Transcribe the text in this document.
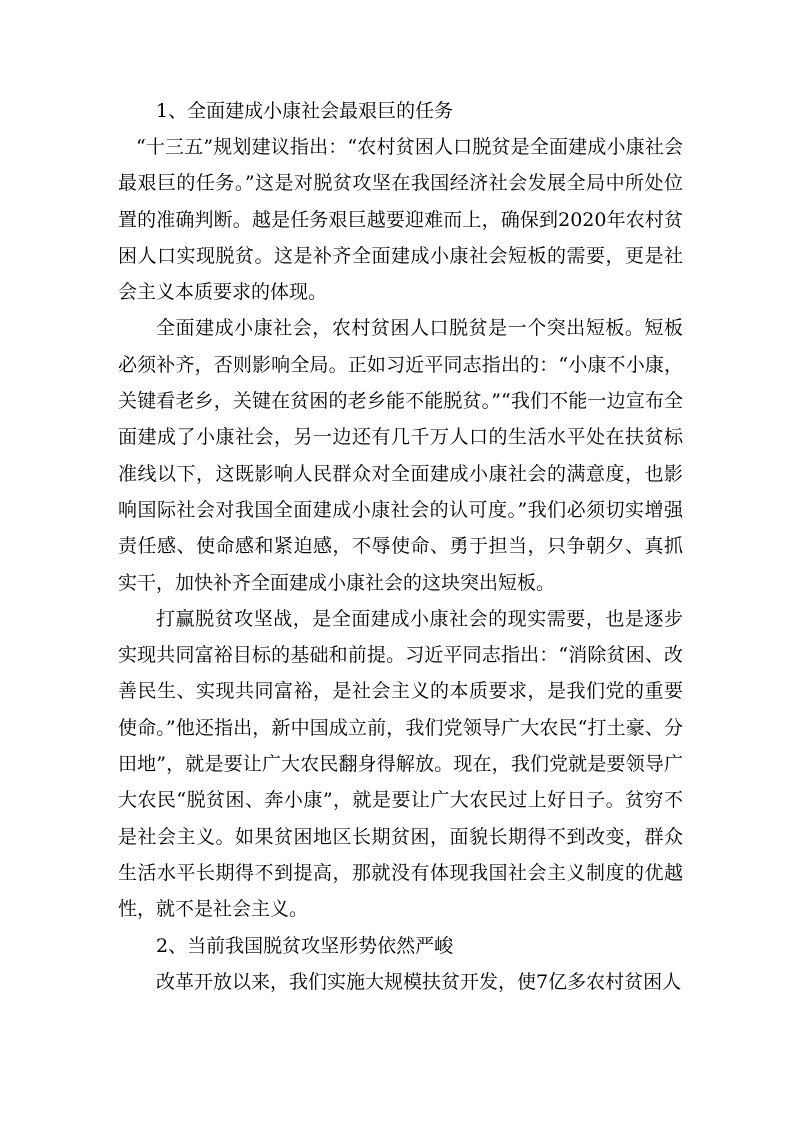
1、全面建成小康社会最艰巨的任务

“十三五”规划建议指出：“农村贫困人口脱贫是全面建成小康社会最艰巨的任务。”这是对脱贫攻坚在我国经济社会发展全局中所处位置的准确判断。越是任务艰巨越要迎难而上，确保到2020年农村贫困人口实现脱贫。这是补齐全面建成小康社会短板的需要，更是社会主义本质要求的体现。

全面建成小康社会，农村贫困人口脱贫是一个突出短板。短板必须补齐，否则影响全局。正如习近平同志指出的：“小康不小康，关键看老乡，关键在贫困的老乡能不能脱贫。”“我们不能一边宣布全面建成了小康社会，另一边还有几千万人口的生活水平处在扶贫标准线以下，这既影响人民群众对全面建成小康社会的满意度，也影响国际社会对我国全面建成小康社会的认可度。”我们必须切实增强责任感、使命感和紧迫感，不辱使命、勇于担当，只争朝夕、真抓实干，加快补齐全面建成小康社会的这块突出短板。

打赢脱贫攻坚战，是全面建成小康社会的现实需要，也是逐步实现共同富裕目标的基础和前提。习近平同志指出：“消除贫困、改善民生、实现共同富裕，是社会主义的本质要求，是我们党的重要使命。”他还指出，新中国成立前，我们党领导广大农民“打土豪、分田地”，就是要让广大农民翻身得解放。现在，我们党就是要领导广大农民“脱贫困、奔小康”，就是要让广大农民过上好日子。贫穷不是社会主义。如果贫困地区长期贫困，面貌长期得不到改变，群众生活水平长期得不到提高，那就没有体现我国社会主义制度的优越性，就不是社会主义。

2、当前我国脱贫攻坚形势依然严峻

改革开放以来，我们实施大规模扶贫开发，使7亿多农村贫困人
